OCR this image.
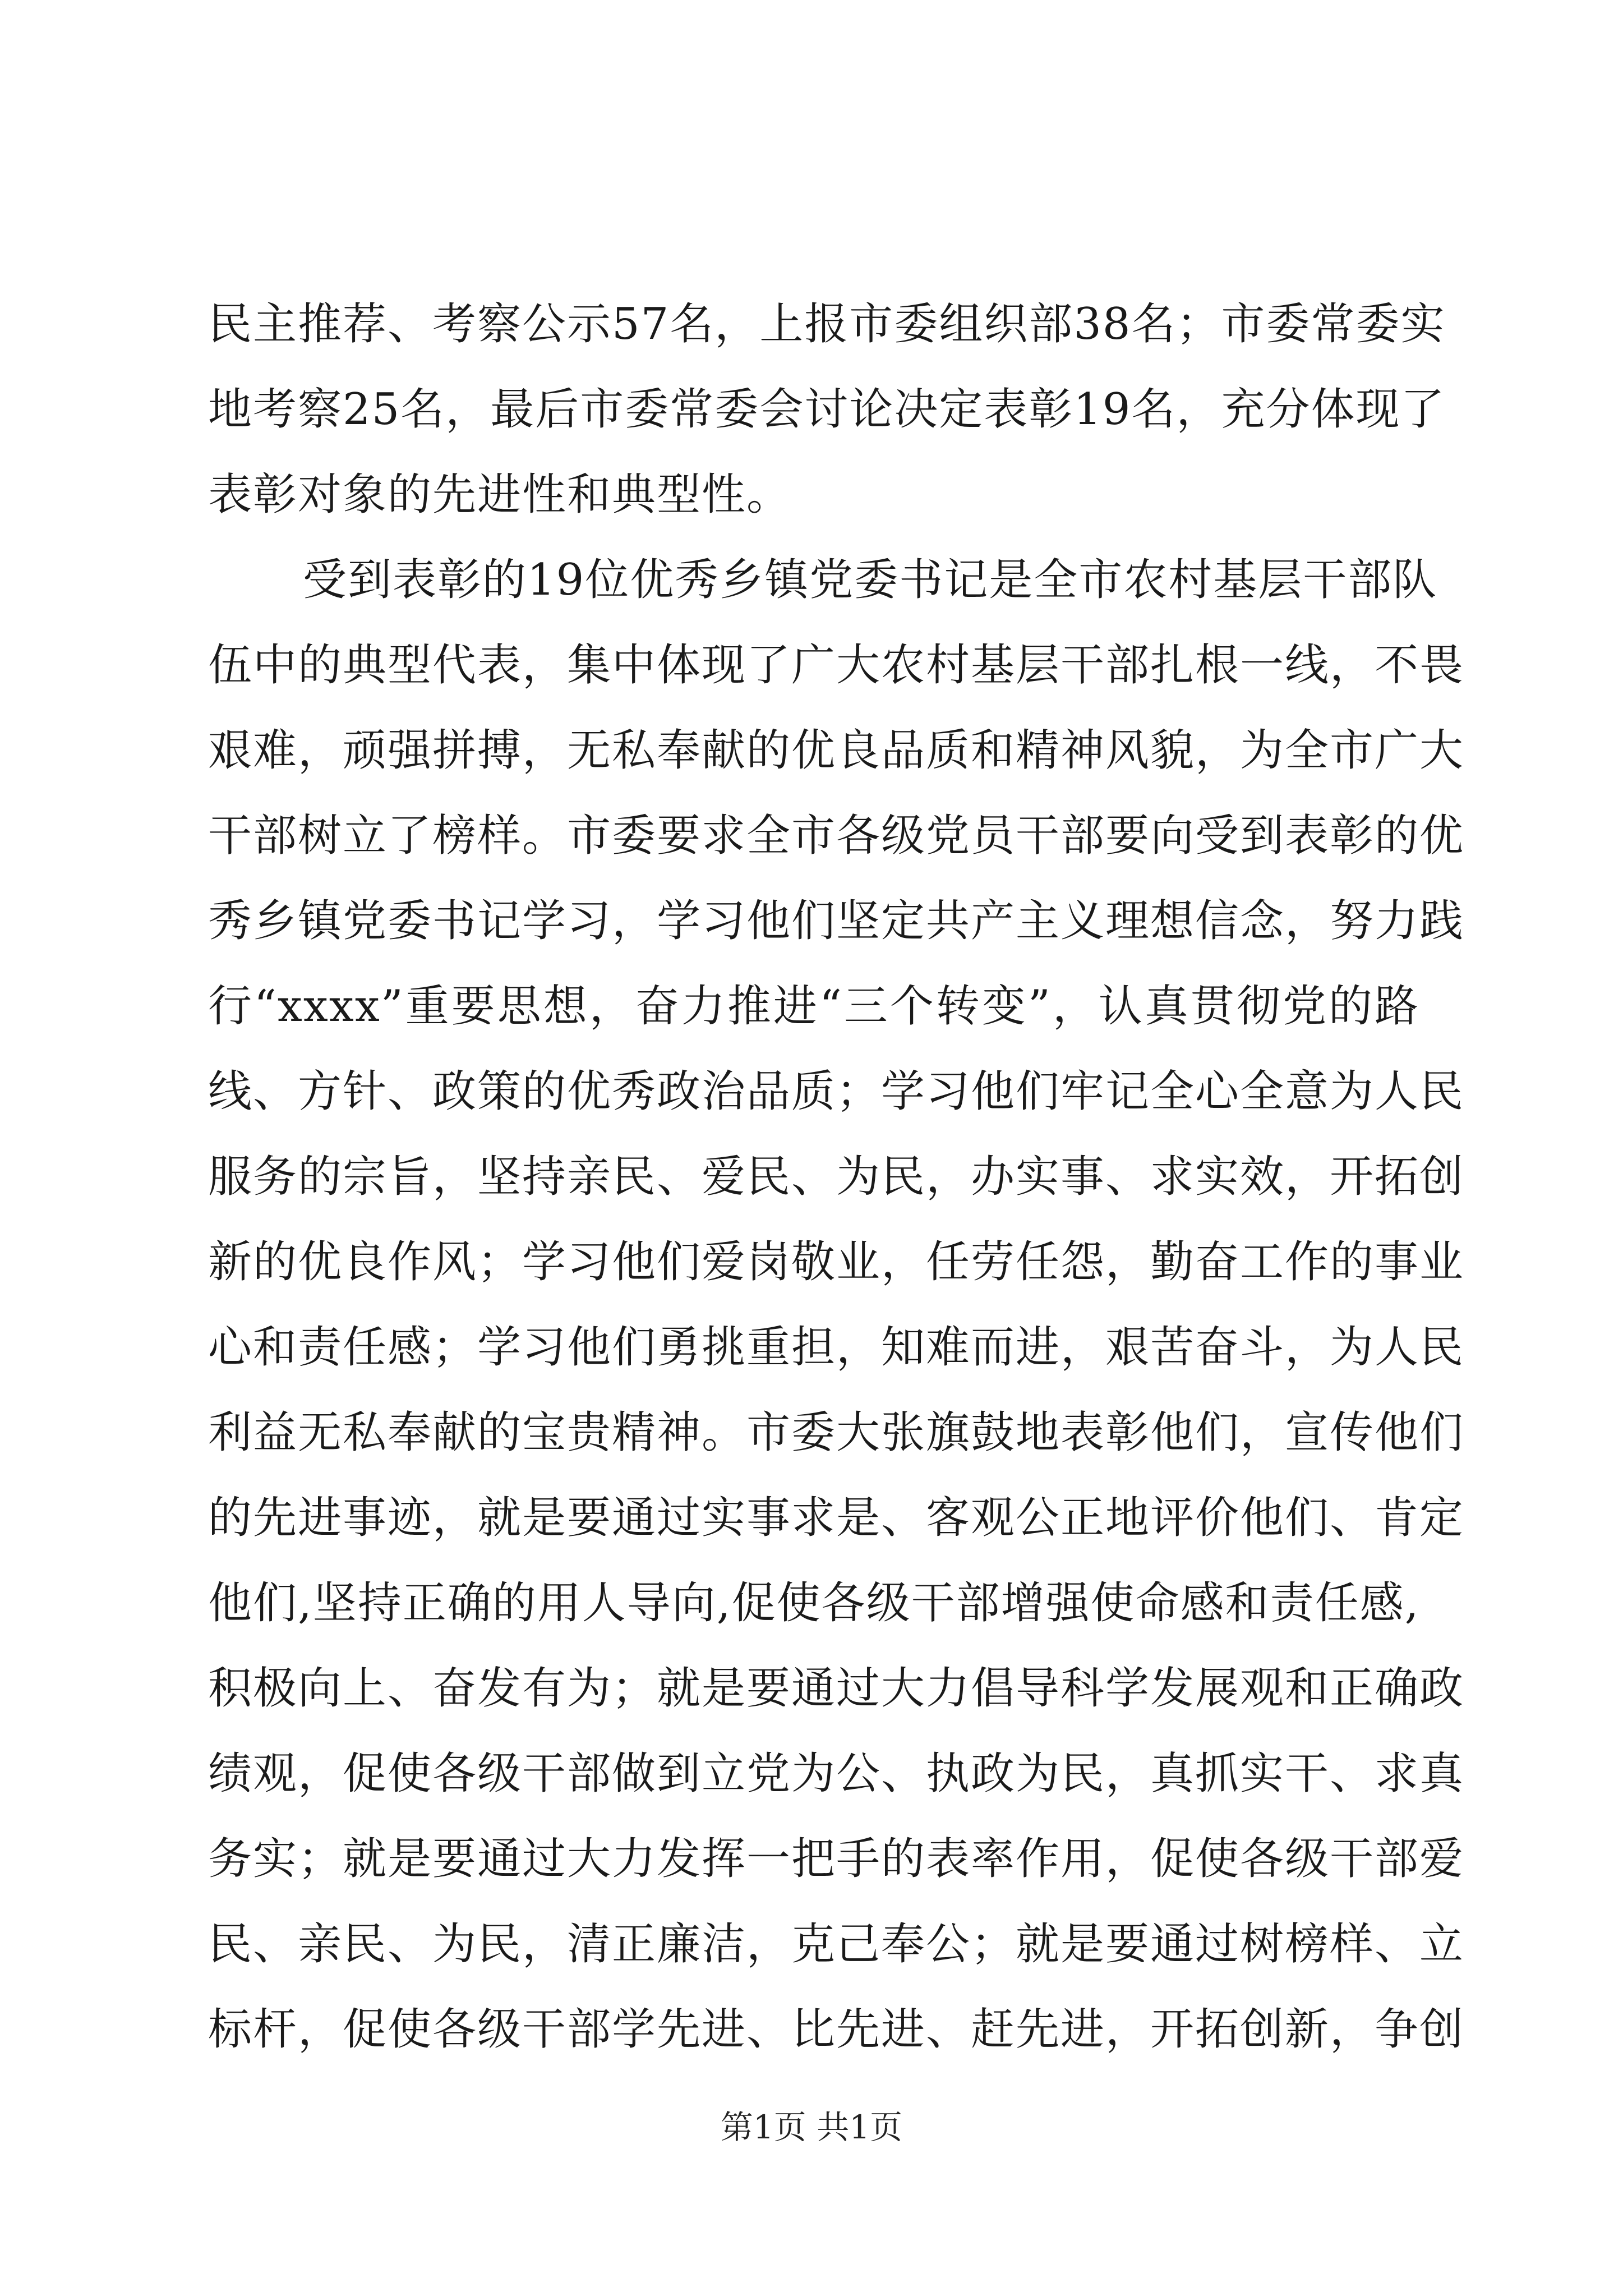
民主推荐、考察公示57名，上报市委组织部38名；市委常委实
地考察25名，最后市委常委会讨论决定表彰19名，充分体现了
表彰对象的先进性和典型性。
受到表彰的19位优秀乡镇党委书记是全市农村基层干部队
伍中的典型代表，集中体现了广大农村基层干部扎根一线，不畏
艰难，顽强拼搏，无私奉献的优良品质和精神风貌，为全市广大
干部树立了榜样。市委要求全市各级党员干部要向受到表彰的优
秀乡镇党委书记学习，学习他们坚定共产主义理想信念，努力践
行“xxxx”重要思想，奋力推进“三个转变”，认真贯彻党的路
线、方针、政策的优秀政治品质；学习他们牢记全心全意为人民
服务的宗旨，坚持亲民、爱民、为民，办实事、求实效，开拓创
新的优良作风；学习他们爱岗敬业，任劳任怨，勤奋工作的事业
心和责任感；学习他们勇挑重担，知难而进，艰苦奋斗，为人民
利益无私奉献的宝贵精神。市委大张旗鼓地表彰他们，宣传他们
的先进事迹，就是要通过实事求是、客观公正地评价他们、肯定
他们,坚持正确的用人导向,促使各级干部增强使命感和责任感,
积极向上、奋发有为；就是要通过大力倡导科学发展观和正确政
绩观，促使各级干部做到立党为公、执政为民，真抓实干、求真
务实；就是要通过大力发挥一把手的表率作用，促使各级干部爱
民、亲民、为民，清正廉洁，克己奉公；就是要通过树榜样、立
标杆，促使各级干部学先进、比先进、赶先进，开拓创新，争创
第1页 共1页
